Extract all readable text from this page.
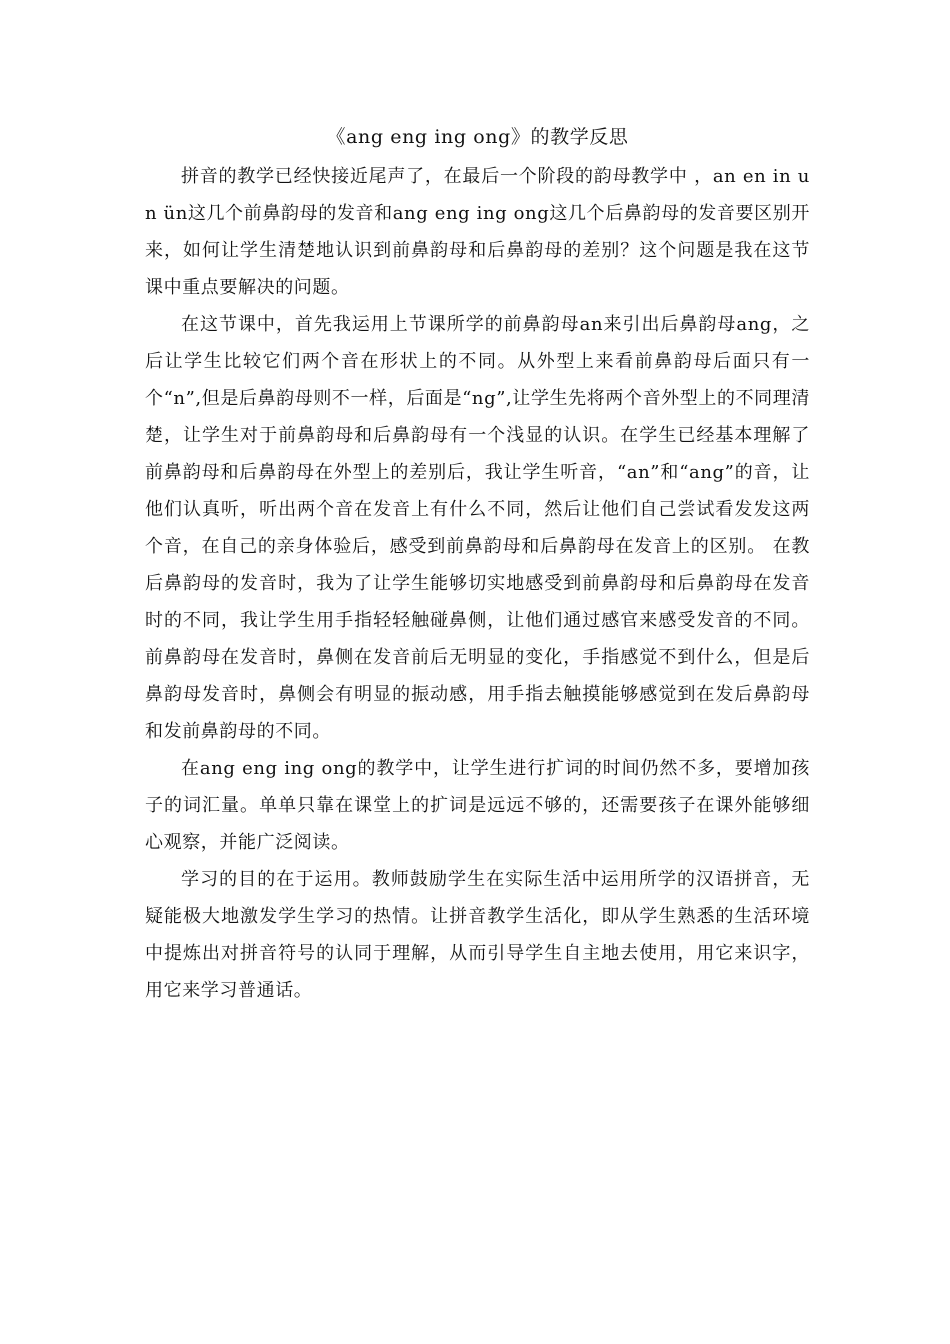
《ang eng ing ong》的教学反思

拼音的教学已经快接近尾声了，在最后一个阶段的韵母教学中 ，an en in un ün这几个前鼻韵母的发音和ang eng ing ong这几个后鼻韵母的发音要区别开来，如何让学生清楚地认识到前鼻韵母和后鼻韵母的差别？这个问题是我在这节课中重点要解决的问题。

在这节课中，首先我运用上节课所学的前鼻韵母an来引出后鼻韵母ang，之后让学生比较它们两个音在形状上的不同。从外型上来看前鼻韵母后面只有一个“n”,但是后鼻韵母则不一样，后面是“ng”,让学生先将两个音外型上的不同理清楚，让学生对于前鼻韵母和后鼻韵母有一个浅显的认识。在学生已经基本理解了前鼻韵母和后鼻韵母在外型上的差别后，我让学生听音，“an”和“ang”的音，让他们认真听，听出两个音在发音上有什么不同，然后让他们自己尝试看发发这两个音，在自己的亲身体验后，感受到前鼻韵母和后鼻韵母在发音上的区别。 在教后鼻韵母的发音时，我为了让学生能够切实地感受到前鼻韵母和后鼻韵母在发音时的不同，我让学生用手指轻轻触碰鼻侧，让他们通过感官来感受发音的不同。前鼻韵母在发音时，鼻侧在发音前后无明显的变化，手指感觉不到什么，但是后鼻韵母发音时，鼻侧会有明显的振动感，用手指去触摸能够感觉到在发后鼻韵母和发前鼻韵母的不同。

在ang eng ing ong的教学中，让学生进行扩词的时间仍然不多，要增加孩子的词汇量。单单只靠在课堂上的扩词是远远不够的，还需要孩子在课外能够细心观察，并能广泛阅读。

学习的目的在于运用。教师鼓励学生在实际生活中运用所学的汉语拼音，无疑能极大地激发学生学习的热情。让拼音教学生活化，即从学生熟悉的生活环境中提炼出对拼音符号的认同于理解，从而引导学生自主地去使用，用它来识字，用它来学习普通话。
